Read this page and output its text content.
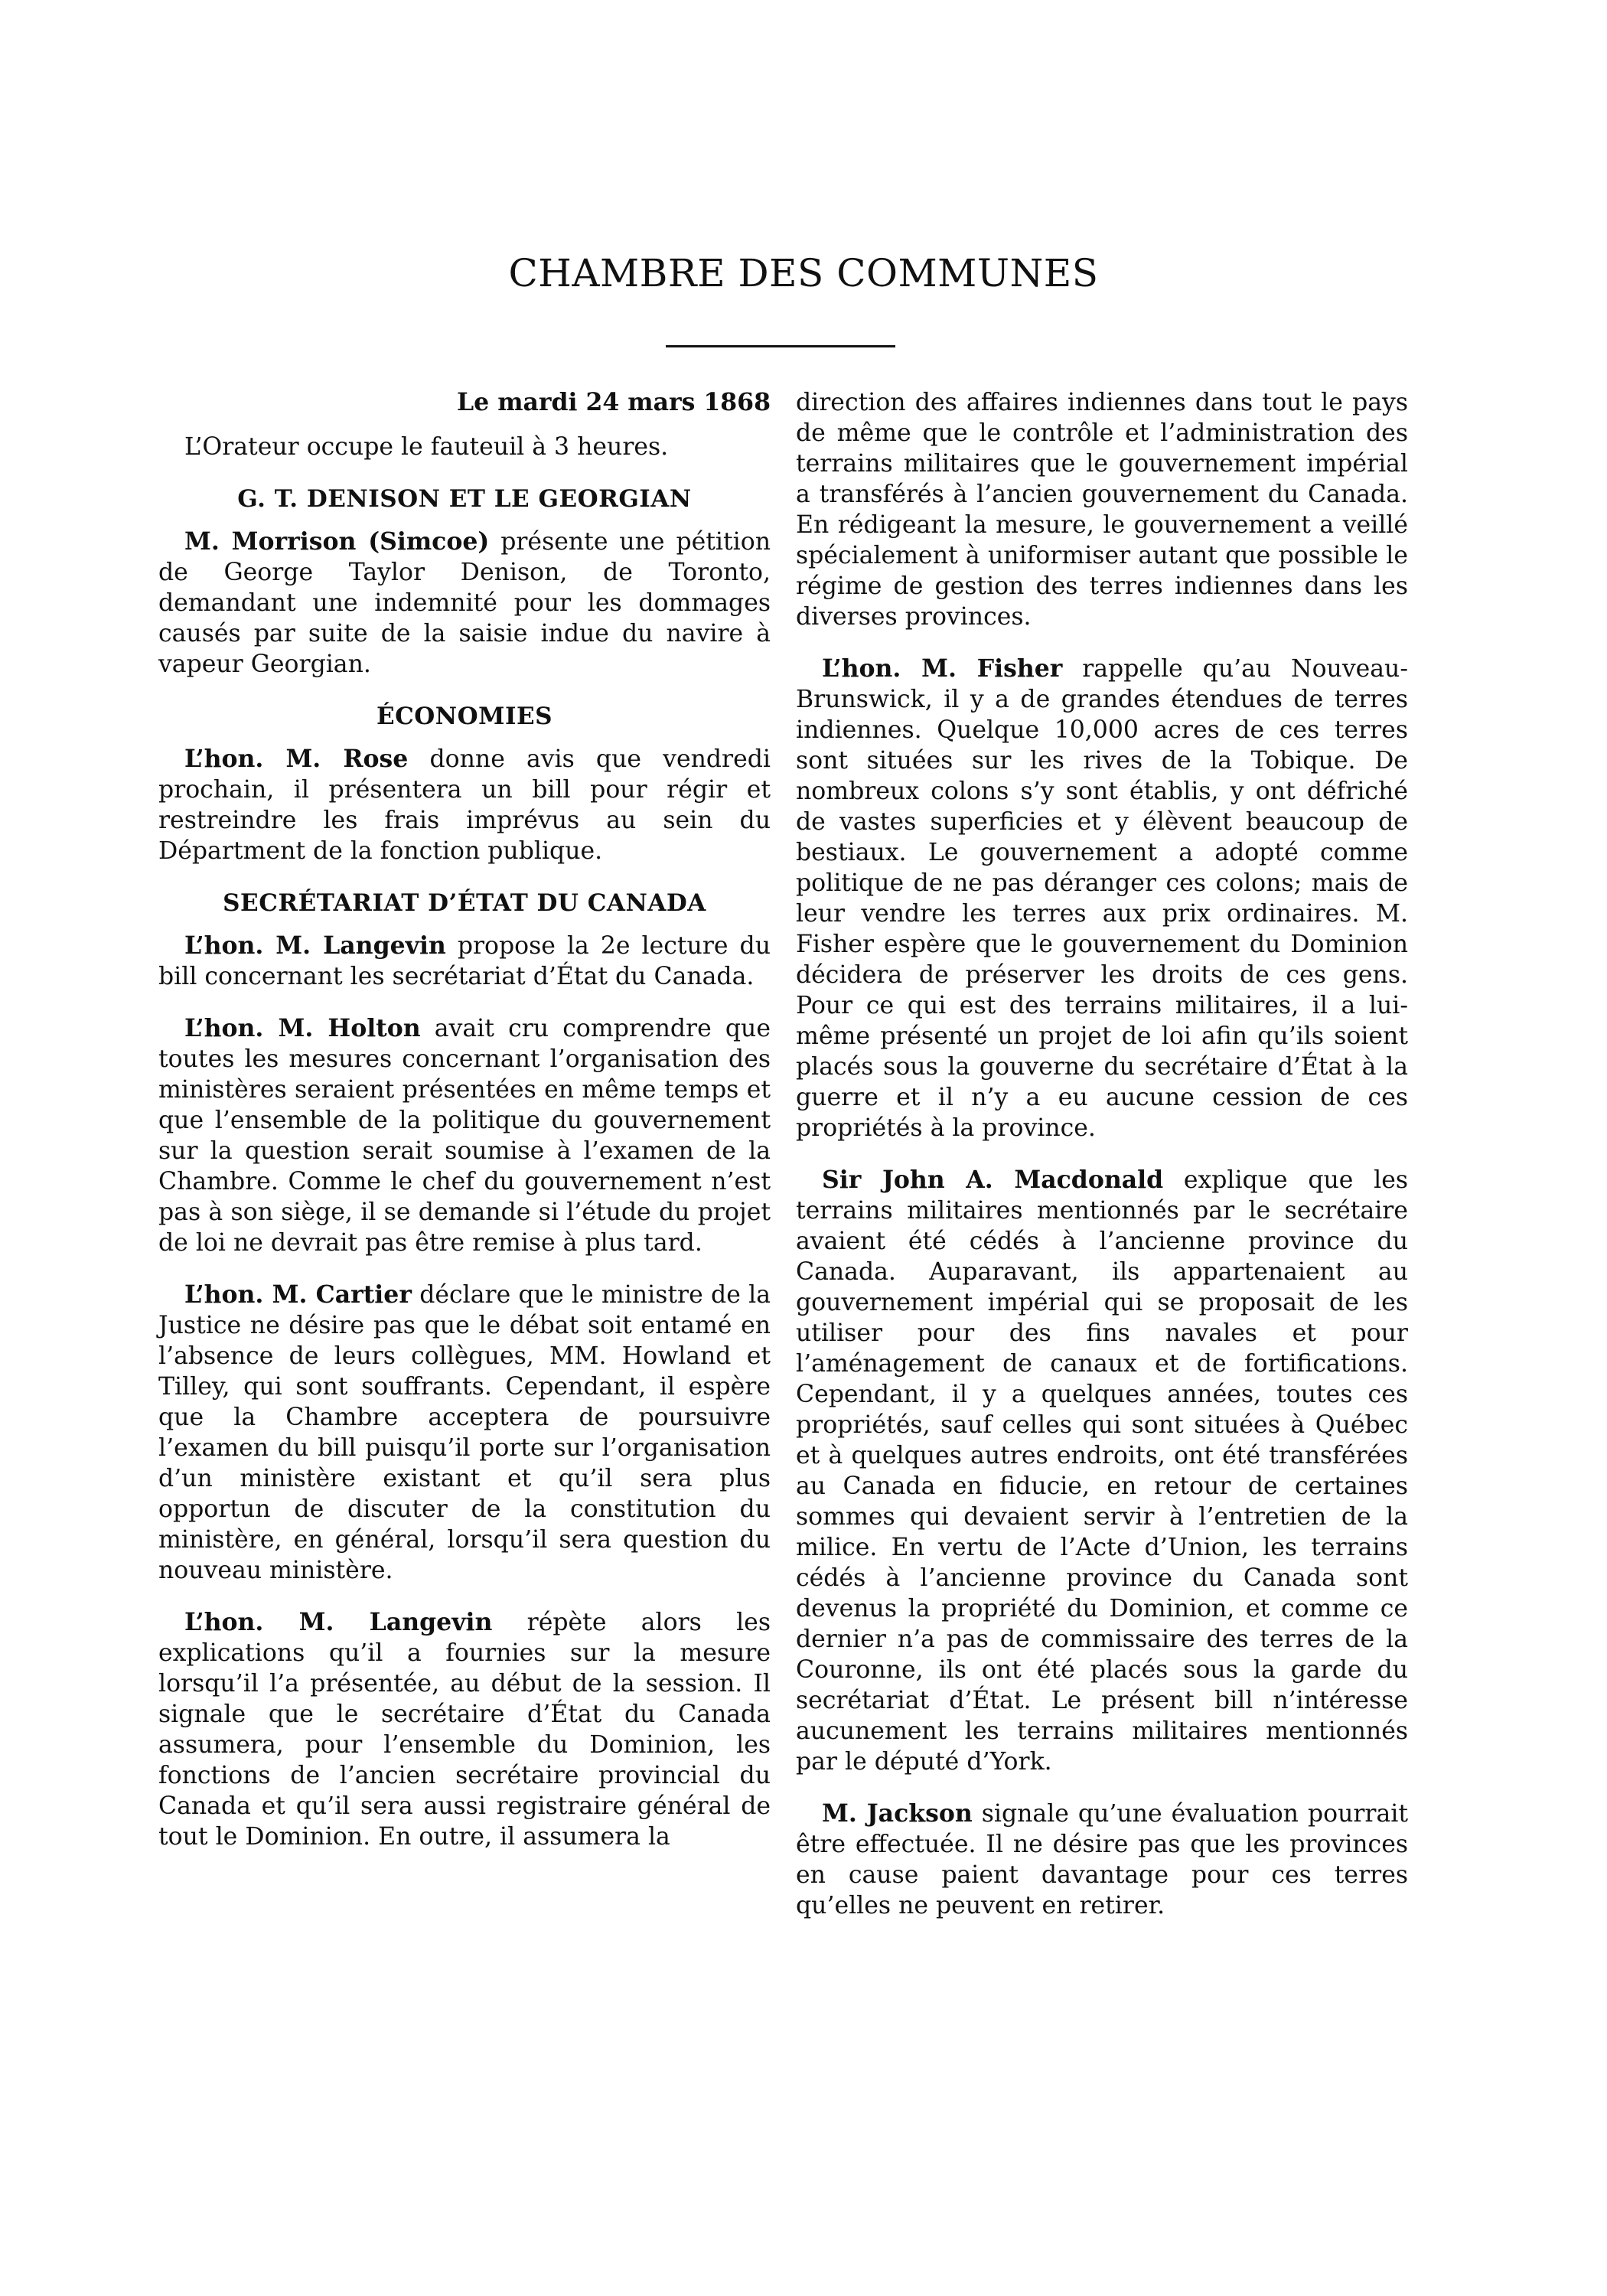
CHAMBRE DES COMMUNES

Le mardi 24 mars 1868

L’Orateur occupe le fauteuil à 3 heures.

G. T. DENISON ET LE GEORGIAN

M. Morrison (Simcoe) présente une pétition de George Taylor Denison, de Toronto, demandant une indemnité pour les dommages causés par suite de la saisie indue du navire à vapeur Georgian.

ÉCONOMIES

L’hon. M. Rose donne avis que vendredi prochain, il présentera un bill pour régir et restreindre les frais imprévus au sein du Départment de la fonction publique.

SECRÉTARIAT D’ÉTAT DU CANADA

L’hon. M. Langevin propose la 2e lecture du bill concernant les secrétariat d’État du Canada.

L’hon. M. Holton avait cru comprendre que toutes les mesures concernant l’organisation des ministères seraient présentées en même temps et que l’ensemble de la politique du gouvernement sur la question serait soumise à l’examen de la Chambre. Comme le chef du gouvernement n’est pas à son siège, il se demande si l’étude du projet de loi ne devrait pas être remise à plus tard.

L’hon. M. Cartier déclare que le ministre de la Justice ne désire pas que le débat soit entamé en l’absence de leurs collègues, MM. Howland et Tilley, qui sont souffrants. Cependant, il espère que la Chambre acceptera de poursuivre l’examen du bill puisqu’il porte sur l’organisation d’un ministère existant et qu’il sera plus opportun de discuter de la constitution du ministère, en général, lorsqu’il sera question du nouveau ministère.

L’hon. M. Langevin répète alors les explications qu’il a fournies sur la mesure lorsqu’il l’a présentée, au début de la session. Il signale que le secrétaire d’État du Canada assumera, pour l’ensemble du Dominion, les fonctions de l’ancien secrétaire provincial du Canada et qu’il sera aussi registraire général de tout le Dominion. En outre, il assumera la

direction des affaires indiennes dans tout le pays de même que le contrôle et l’administration des terrains militaires que le gouvernement impérial a transférés à l’ancien gouvernement du Canada. En rédigeant la mesure, le gouvernement a veillé spécialement à uniformiser autant que possible le régime de gestion des terres indiennes dans les diverses provinces.

L’hon. M. Fisher rappelle qu’au Nouveau-Brunswick, il y a de grandes étendues de terres indiennes. Quelque 10,000 acres de ces terres sont situées sur les rives de la Tobique. De nombreux colons s’y sont établis, y ont défriché de vastes superficies et y élèvent beaucoup de bestiaux. Le gouvernement a adopté comme politique de ne pas déranger ces colons; mais de leur vendre les terres aux prix ordinaires. M. Fisher espère que le gouvernement du Dominion décidera de préserver les droits de ces gens. Pour ce qui est des terrains militaires, il a lui-même présenté un projet de loi afin qu’ils soient placés sous la gouverne du secrétaire d’État à la guerre et il n’y a eu aucune cession de ces propriétés à la province.

Sir John A. Macdonald explique que les terrains militaires mentionnés par le secrétaire avaient été cédés à l’ancienne province du Canada. Auparavant, ils appartenaient au gouvernement impérial qui se proposait de les utiliser pour des fins navales et pour l’aménagement de canaux et de fortifications. Cependant, il y a quelques années, toutes ces propriétés, sauf celles qui sont situées à Québec et à quelques autres endroits, ont été transférées au Canada en fiducie, en retour de certaines sommes qui devaient servir à l’entretien de la milice. En vertu de l’Acte d’Union, les terrains cédés à l’ancienne province du Canada sont devenus la propriété du Dominion, et comme ce dernier n’a pas de commissaire des terres de la Couronne, ils ont été placés sous la garde du secrétariat d’État. Le présent bill n’intéresse aucunement les terrains militaires mentionnés par le député d’York.

M. Jackson signale qu’une évaluation pourrait être effectuée. Il ne désire pas que les provinces en cause paient davantage pour ces terres qu’elles ne peuvent en retirer.
